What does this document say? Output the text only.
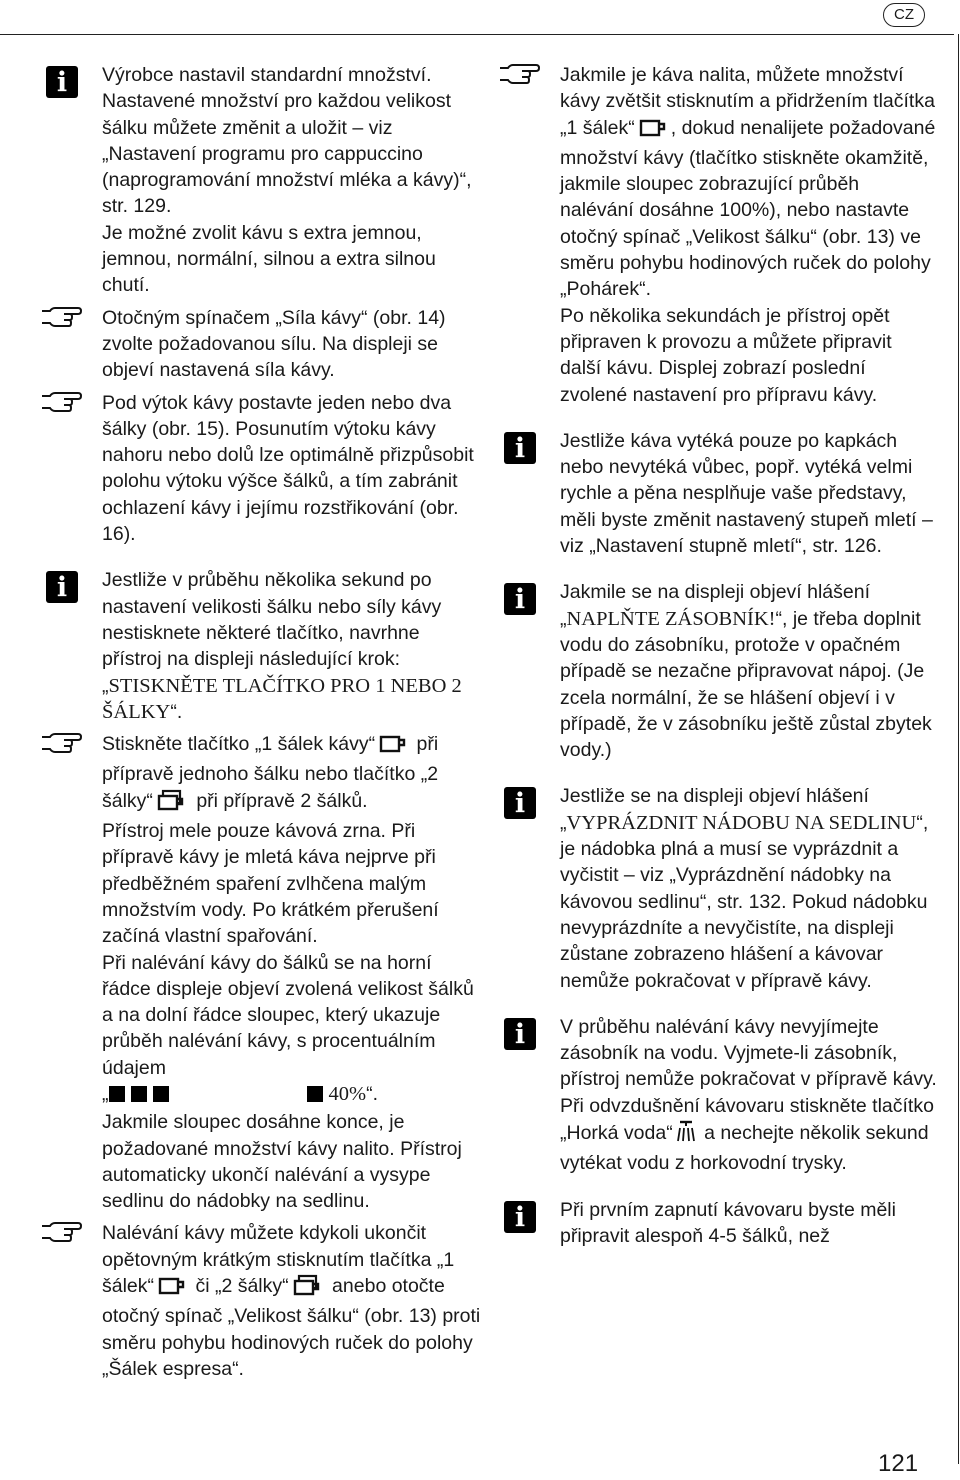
CZ
i	Výrobce nastavil standardní množství. Nastavené množství pro každou velikost šálku můžete změnit a uložit – viz „Nastavení programu pro cappuccino (naprogramování množství mléka a kávy)“, str. 129.

Je možné zvolit kávu s extra jemnou, jemnou, normální, silnou a extra silnou chutí.

Otočným spínačem „Síla kávy“ (obr. 14) zvolte požadovanou sílu. Na displeji se objeví nastavená síla kávy.

Pod výtok kávy postavte jeden nebo dva šálky (obr. 15). Posunutím výtoku kávy nahoru nebo dolů lze optimálně přizpůsobit polohu výtoku výšce šálků, a tím zabránit ochlazení kávy i jejímu rozstřikování (obr. 16).

i	Jestliže v průběhu několika sekund po nastavení velikosti šálku nebo síly kávy nestisknete některé tlačítko, navrhne přístroj na displeji následující krok: „STISKNĚTE TLAČÍTKO PRO 1 NEBO 2 ŠÁLKY“.

Stiskněte tlačítko „1 šálek kávy“ při přípravě jednoho šálku nebo tlačítko „2 šálky“ při přípravě 2 šálků.

Přístroj mele pouze kávová zrna. Při přípravě kávy je mletá káva nejprve při předběžném spaření zvlhčena malým množstvím vody. Po krátkém přerušení začíná vlastní spařování.

Při nalévání kávy do šálků se na horní řádce displeje objeví zvolená velikost šálků a na dolní řádce sloupec, který ukazuje průběh nalévání kávy, s procentuálním údajem
„	40%“.

Jakmile sloupec dosáhne konce, je požadované množství kávy nalito. Přístroj automaticky ukončí nalévání a vysype sedlinu do nádobky na sedlinu.

Nalévání kávy můžete kdykoli ukončit opětovným krátkým stisknutím tlačítka „1 šálek“ či „2 šálky“ anebo otočte otočný spínač „Velikost šálku“ (obr. 13) proti směru pohybu hodinových ruček do polohy „Šálek espresa“.

Jakmile je káva nalita, můžete množství kávy zvětšit stisknutím a přidržením tlačítka „1 šálek“ , dokud nenalijete požadované množství kávy (tlačítko stiskněte okamžitě, jakmile sloupec zobrazující průběh nalévání dosáhne 100%), nebo nastavte otočný spínač „Velikost šálku“ (obr. 13) ve směru pohybu hodinových ruček do polohy „Pohárek“.

Po několika sekundách je přístroj opět připraven k provozu a můžete připravit další kávu. Displej zobrazí poslední zvolené nastavení pro přípravu kávy.

i	Jestliže káva vytéká pouze po kapkách nebo nevytéká vůbec, popř. vytéká velmi rychle a pěna nesplňuje vaše představy, měli byste změnit nastavený stupeň mletí – viz „Nastavení stupně mletí“, str. 126.

i	Jakmile se na displeji objeví hlášení „NAPLŇTE ZÁSOBNÍK!“, je třeba doplnit vodu do zásobníku, protože v opačném případě se nezačne připravovat nápoj. (Je zcela normální, že se hlášení objeví i v případě, že v zásobníku ještě zůstal zbytek vody.)

i	Jestliže se na displeji objeví hlášení „VYPRÁZDNIT NÁDOBU NA SEDLINU“, je nádobka plná a musí se vyprázdnit a vyčistit – viz „Vyprázdnění nádobky na kávovou sedlinu“, str. 132. Pokud nádobku nevyprázdníte a nevyčistíte, na displeji zůstane zobrazeno hlášení a kávovar nemůže pokračovat v přípravě kávy.

i	V průběhu nalévání kávy nevyjímejte zásobník na vodu. Vyjmete-li zásobník, přístroj nemůže pokračovat v přípravě kávy. Při odvzdušnění kávovaru stiskněte tlačítko „Horká voda“ a nechejte několik sekund vytékat vodu z horkovodní trysky.

i	Při prvním zapnutí kávovaru byste měli připravit alespoň 4-5 šálků, než

121
